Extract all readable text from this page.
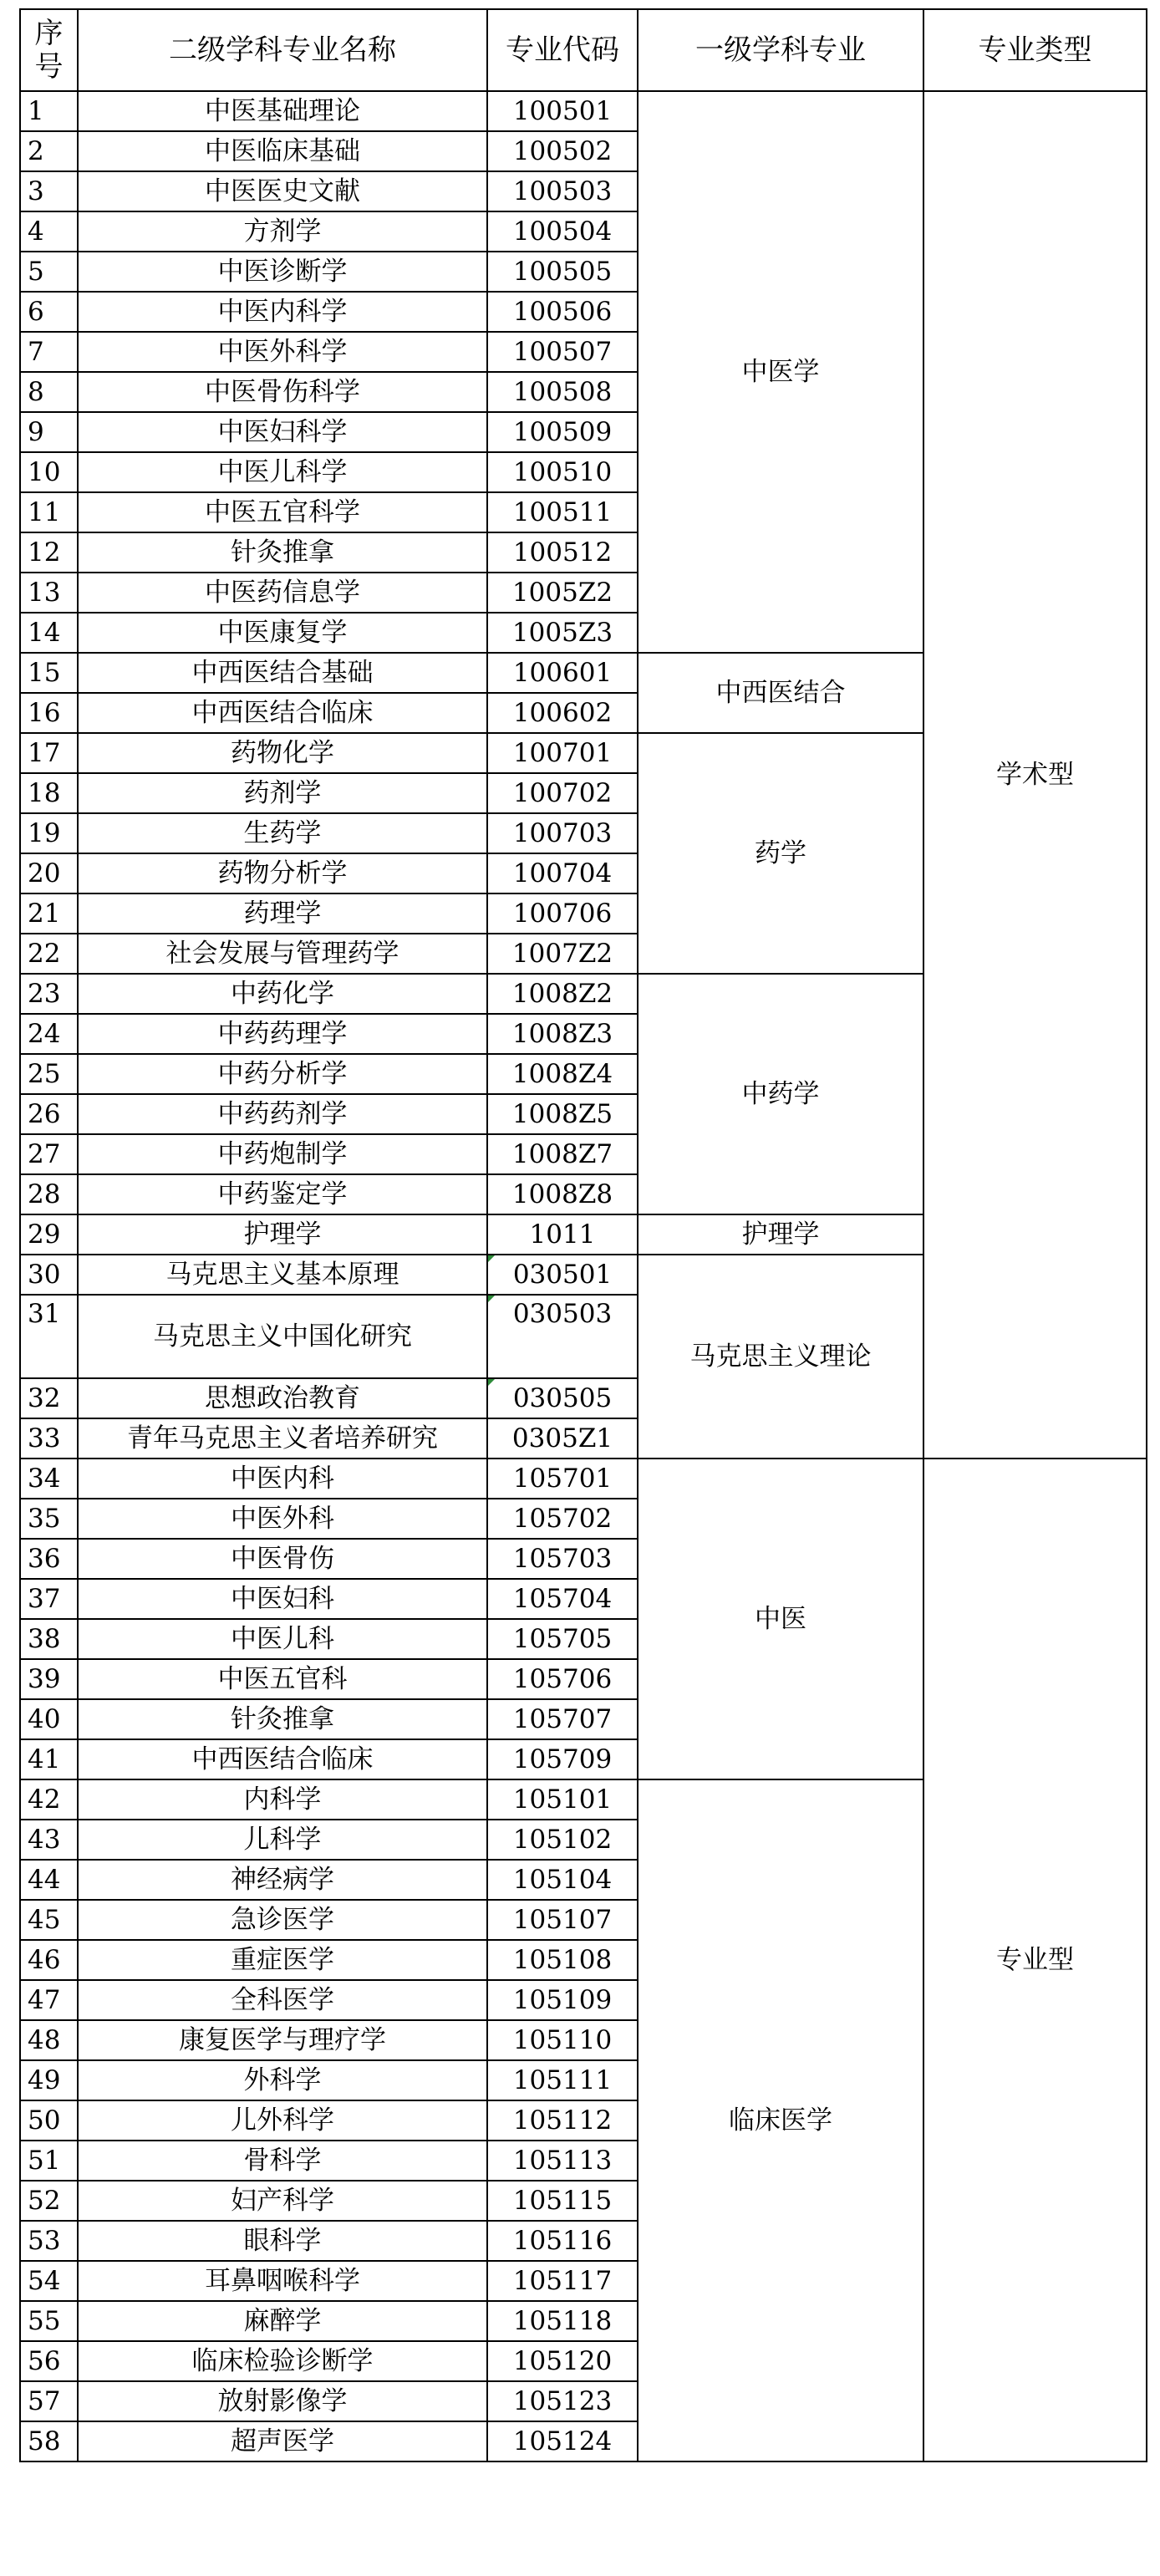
序
号	二级学科专业名称	专业代码	一级学科专业	专业类型
1	中医基础理论	100501	中医学	学术型
2	中医临床基础	100502		
3	中医医史文献	100503		
4	方剂学	100504		
5	中医诊断学	100505		
6	中医内科学	100506		
7	中医外科学	100507		
8	中医骨伤科学	100508		
9	中医妇科学	100509		
10	中医儿科学	100510		
11	中医五官科学	100511		
12	针灸推拿	100512		
13	中医药信息学	1005Z2		
14	中医康复学	1005Z3		
15	中西医结合基础	100601	中西医结合	
16	中西医结合临床	100602		
17	药物化学	100701	药学	
18	药剂学	100702		
19	生药学	100703		
20	药物分析学	100704		
21	药理学	100706		
22	社会发展与管理药学	1007Z2		
23	中药化学	1008Z2	中药学	
24	中药药理学	1008Z3		
25	中药分析学	1008Z4		
26	中药药剂学	1008Z5		
27	中药炮制学	1008Z7		
28	中药鉴定学	1008Z8		
29	护理学	1011	护理学	
30	马克思主义基本原理	030501	马克思主义理论	
31	马克思主义中国化研究	030503		
32	思想政治教育	030505		
33	青年马克思主义者培养研究	0305Z1		
34	中医内科	105701	中医	专业型
35	中医外科	105702		
36	中医骨伤	105703		
37	中医妇科	105704		
38	中医儿科	105705		
39	中医五官科	105706		
40	针灸推拿	105707		
41	中西医结合临床	105709		
42	内科学	105101	临床医学	
43	儿科学	105102		
44	神经病学	105104		
45	急诊医学	105107		
46	重症医学	105108		
47	全科医学	105109		
48	康复医学与理疗学	105110		
49	外科学	105111		
50	儿外科学	105112		
51	骨科学	105113		
52	妇产科学	105115		
53	眼科学	105116		
54	耳鼻咽喉科学	105117		
55	麻醉学	105118		
56	临床检验诊断学	105120		
57	放射影像学	105123		
58	超声医学	105124		
